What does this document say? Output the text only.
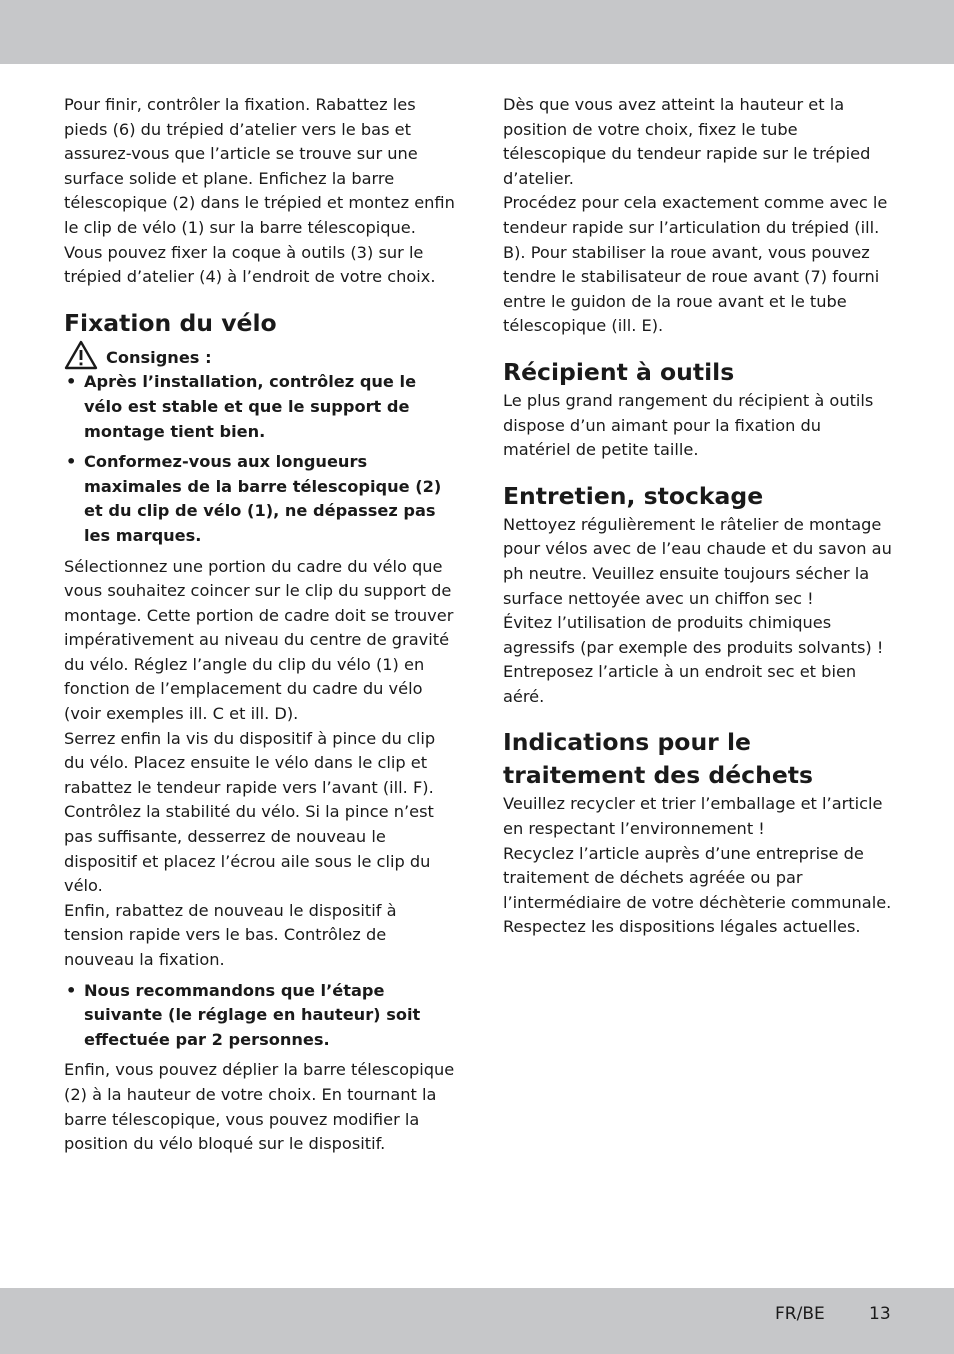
Pour finir, contrôler la fixation. Rabattez les pieds (6) du trépied d’atelier vers le bas et assurez-vous que l’article se trouve sur une surface solide et plane. Enfichez la barre télescopique (2) dans le trépied et montez enfin le clip de vélo (1) sur la barre télescopique. Vous pouvez fixer la coque à outils (3) sur le trépied d’atelier (4) à l’endroit de votre choix.

Fixation du vélo
Consignes :
• Après l’installation, contrôlez que le vélo est stable et que le support de montage tient bien.
• Conformez-vous aux longueurs maximales de la barre télescopique (2) et du clip de vélo (1), ne dépassez pas les marques.

Sélectionnez une portion du cadre du vélo que vous souhaitez coincer sur le clip du support de montage. Cette portion de cadre doit se trouver impérativement au niveau du centre de gravité du vélo. Réglez l’angle du clip du vélo (1) en fonction de l’emplacement du cadre du vélo (voir exemples ill. C et ill. D).

Serrez enfin la vis du dispositif à pince du clip du vélo. Placez ensuite le vélo dans le clip et rabattez le tendeur rapide vers l’avant (ill. F). Contrôlez la stabilité du vélo. Si la pince n’est pas suffisante, desserrez de nouveau le dispositif et placez l’écrou aile sous le clip du vélo.

Enfin, rabattez de nouveau le dispositif à tension rapide vers le bas. Contrôlez de nouveau la fixation.

• Nous recommandons que l’étape suivante (le réglage en hauteur) soit effectuée par 2 personnes.

Enfin, vous pouvez déplier la barre télescopique (2) à la hauteur de votre choix. En tournant la barre télescopique, vous pouvez modifier la position du vélo bloqué sur le dispositif.

Dès que vous avez atteint la hauteur et la position de votre choix, fixez le tube télescopique du tendeur rapide sur le trépied d’atelier.

Procédez pour cela exactement comme avec le tendeur rapide sur l’articulation du trépied (ill. B). Pour stabiliser la roue avant, vous pouvez tendre le stabilisateur de roue avant (7) fourni entre le guidon de la roue avant et le tube télescopique (ill. E).

Récipient à outils

Le plus grand rangement du récipient à outils dispose d’un aimant pour la fixation du matériel de petite taille.

Entretien, stockage

Nettoyez régulièrement le râtelier de montage pour vélos avec de l’eau chaude et du savon au ph neutre. Veuillez ensuite toujours sécher la surface nettoyée avec un chiffon sec !

Évitez l’utilisation de produits chimiques agressifs (par exemple des produits solvants) ! Entreposez l’article à un endroit sec et bien aéré.

Indications pour le traitement des déchets

Veuillez recycler et trier l’emballage et l’article en respectant l’environnement !

Recyclez l’article auprès d’une entreprise de traitement de déchets agréée ou par l’intermédiaire de votre déchèterie communale. Respectez les dispositions légales actuelles.

FR/BE	13
